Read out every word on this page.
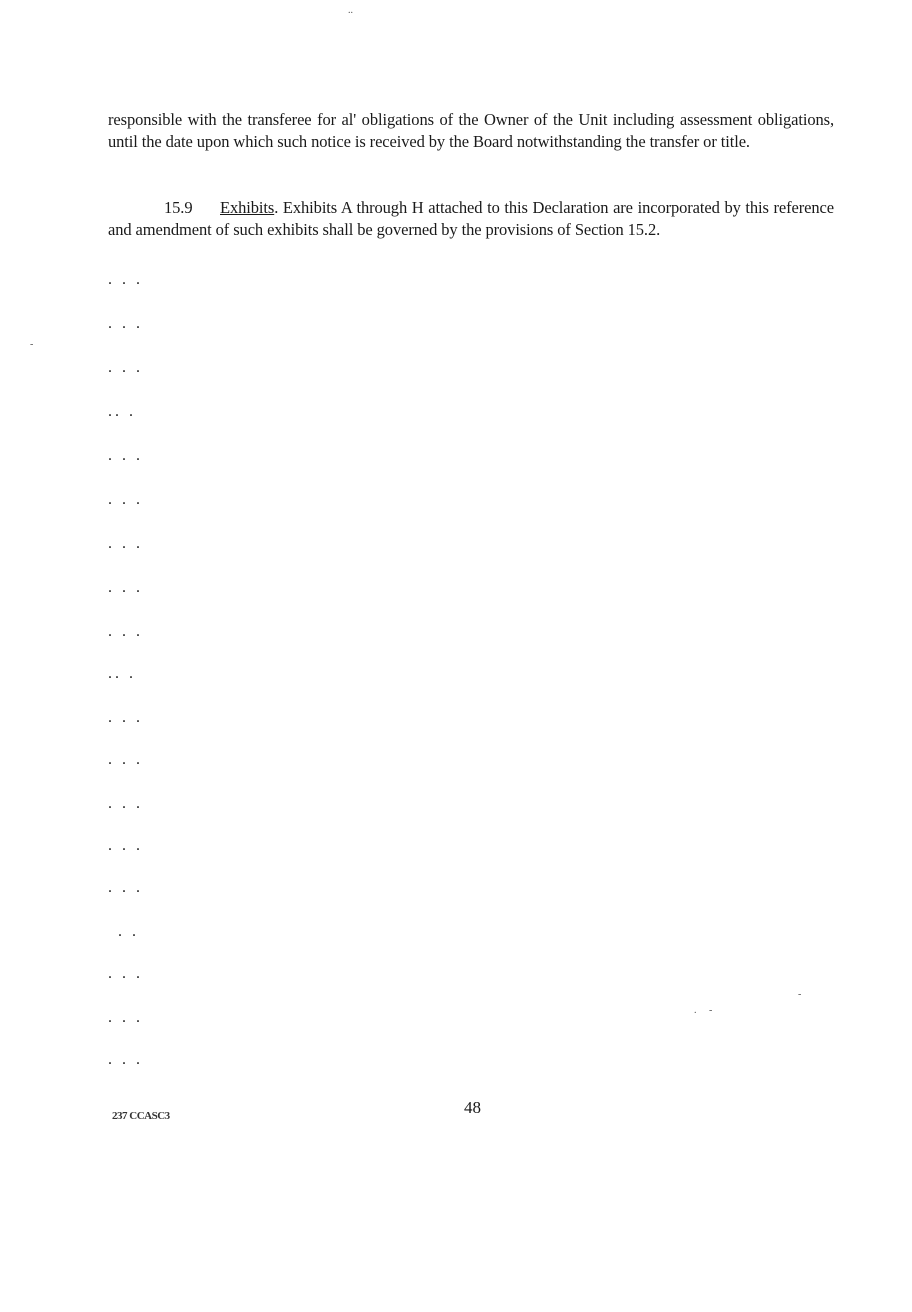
..
-
-
.     -

responsible with the transferee for al' obligations of the Owner of the Unit including assessment obligations, until the date upon which such notice is received by the Board notwithstanding the transfer or title.

15.9 Exhibits. Exhibits A through H attached to this Declaration are incorporated by this reference and amendment of such exhibits shall be governed by the provisions of Section 15.2.

. . .
. . .
. . .
.. .
. . .
. . .
. . .
. . .
. . .
.. .
. . .
. . .
. . .
. . .
. . .
. .
. . .
. . .
. . .
237 CCASC3	48
